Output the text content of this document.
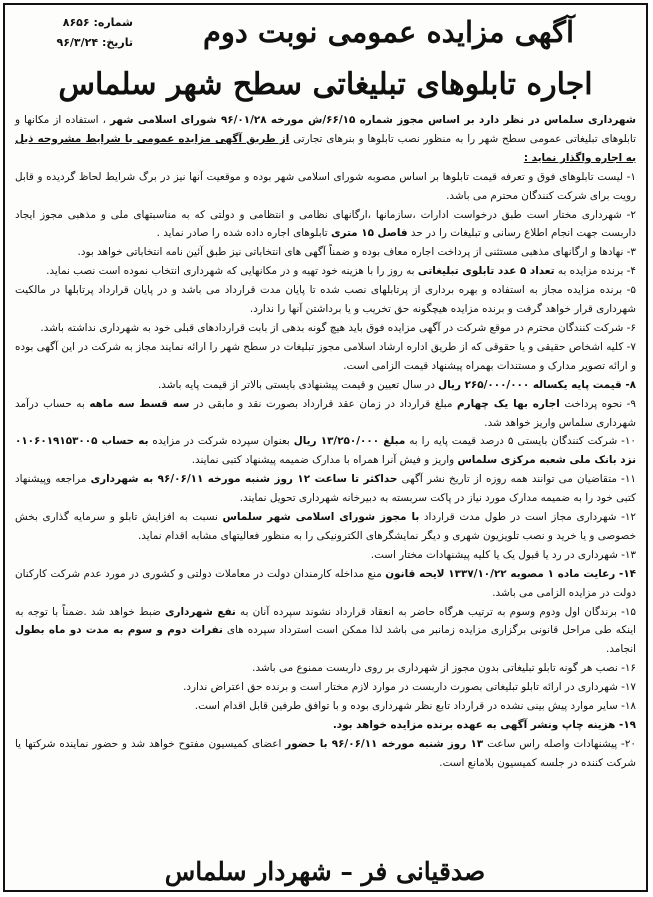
شماره: ۸۶۵۶
تاریخ: ۹۶/۳/۲۴	آگهی مزایده عمومی نوبت دوم
اجاره تابلوهای تبلیغاتی سطح شهر سلماس

شهرداری سلماس در نظر دارد بر اساس مجوز شماره ۶۶/۱۵/ش مورخه ۹۶/۰۱/۲۸ شورای اسلامی شهر ، استفاده از مکانها و تابلوهای تبلیغاتی عمومی سطح شهر را به منظور نصب تابلوها و بنرهای تجارتی از طریق آگهی مزایده عمومی با شرایط مشروحه ذیل به اجاره واگذار نماید :

۱- لیست تابلوهای فوق و تعرفه قیمت تابلوها بر اساس مصوبه شورای اسلامی شهر بوده و موقعیت آنها نیز در برگ شرایط لحاظ گردیده و قابل رویت برای شرکت کنندگان محترم می باشد.

۲- شهرداری مختار است طبق درخواست ادارات ،سازمانها ،ارگانهای نظامی و انتظامی و دولتی که به مناسبتهای ملی و مذهبی مجوز ایجاد داربست جهت انجام اطلاع رسانی و تبلیغات را در حد فاصل ۱۵ متری تابلوهای اجاره داده شده را صادر نماید .

۳- نهادها و ارگانهای مذهبی مستثنی از پرداخت اجاره معاف بوده و ضمناً آگهی های انتخاباتی نیز طبق آئین نامه انتخاباتی خواهد بود.

۴- برنده مزایده به تعداد ۵ عدد تابلوی تبلیغاتی به روز را با هزینه خود تهیه و در مکانهایی که شهرداری انتخاب نموده است نصب نماید.

۵- برنده مزایده مجاز به استفاده و بهره برداری از پرتابلهای نصب شده تا پایان مدت قرارداد می باشد و در پایان قرارداد پرتابلها در مالکیت شهرداری قرار خواهد گرفت و برنده مزایده هیچگونه حق تخریب و یا برداشتن آنها را ندارد.

۶- شرکت کنندگان محترم در موقع شرکت در آگهی مزایده فوق باید هیچ گونه بدهی از بابت قراردادهای قبلی خود به شهرداری نداشته باشد.

۷- کلیه اشخاص حقیقی و یا حقوقی که از طریق اداره ارشاد اسلامی مجوز تبلیغات در سطح شهر را ارائه نمایند مجاز به شرکت در این آگهی بوده و ارائه تصویر مدارک و مستندات بهمراه پیشنهاد قیمت الزامی است.

۸- قیمت پایه یکساله ۲۶۵/۰۰۰/۰۰۰ ریال در سال تعیین و قیمت پیشنهادی بایستی بالاتر از قیمت پایه باشد.

۹- نحوه پرداخت اجاره بها یک چهارم مبلغ قرارداد در زمان عقد قرارداد بصورت نقد و مابقی در سه قسط سه ماهه به حساب درآمد شهرداری سلماس واریز خواهد شد.

۱۰- شرکت کنندگان بایستی ۵ درصد قیمت پایه را به مبلغ ۱۳/۲۵۰/۰۰۰ ریال بعنوان سپرده شرکت در مزایده به حساب ۰۱۰۶۰۱۹۱۵۳۰۰۵ نزد بانک ملی شعبه مرکزی سلماس واریز و فیش آنرا همراه با مدارک ضمیمه پیشنهاد کتبی نمایند.

۱۱- متقاضیان می توانند همه روزه از تاریخ نشر آگهی حداکثر تا ساعت ۱۲ روز شنبه مورخه ۹۶/۰۶/۱۱ به شهرداری مراجعه وپیشنهاد کتبی خود را به ضمیمه مدارک مورد نیاز در پاکت سربسته به دبیرخانه شهرداری تحویل نمایند.

۱۲- شهرداری مجاز است در طول مدت قرارداد با مجوز شورای اسلامی شهر سلماس نسبت به افزایش تابلو و سرمایه گذاری بخش خصوصی و یا خرید و نصب تلویزیون شهری و دیگر نمایشگرهای الکترونیکی را به منظور فعالیتهای مشابه اقدام نماید.

۱۳- شهرداری در رد یا قبول یک یا کلیه پیشنهادات مختار است.

۱۴- رعایت ماده ۱ مصوبه ۱۳۳۷/۱۰/۲۲ لایحه قانون منع مداخله کارمندان دولت در معاملات دولتی و کشوری در مورد عدم شرکت کارکنان دولت در مزایده الزامی می باشد.

۱۵- برندگان اول ودوم وسوم به ترتیب هرگاه حاضر به انعقاد قرارداد نشوند سپرده آنان به نفع شهرداری ضبط خواهد شد .ضمناً با توجه به اینکه طی مراحل قانونی برگزاری مزایده زمانبر می باشد لذا ممکن است استرداد سپرده های نفرات دوم و سوم به مدت دو ماه بطول انجامد.

۱۶- نصب هر گونه تابلو تبلیغاتی بدون مجوز از شهرداری بر روی داربست ممنوع می باشد.

۱۷- شهرداری در ارائه تابلو تبلیغاتی بصورت داربست در موارد لازم مختار است و برنده حق اعتراض ندارد.

۱۸- سایر موارد پیش بینی نشده در قرارداد تابع نظر شهرداری بوده و با توافق طرفین قابل اقدام است.

۱۹- هزینه چاپ ونشر آگهی به عهده برنده مزایده خواهد بود.

۲۰- پیشنهادات واصله راس ساعت ۱۳ روز شنبه مورخه ۹۶/۰۶/۱۱ با حضور اعضای کمیسیون مفتوح خواهد شد و حضور نماینده شرکتها یا شرکت کننده در جلسه کمیسیون بلامانع است.

صدقیانی فر – شهردار سلماس
